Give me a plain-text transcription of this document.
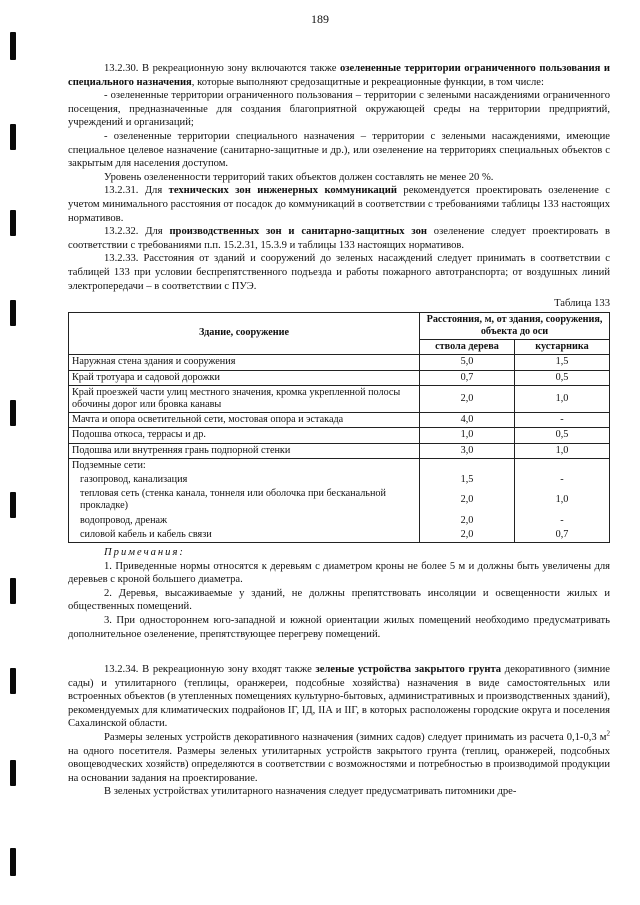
189

13.2.30. В рекреационную зону включаются также озелененные территории ограниченного пользования и специального назначения, которые выполняют средозащитные и рекреационные функции, в том числе:

- озелененные территории ограниченного пользования – территории с зелеными насаждениями ограниченного посещения, предназначенные для создания благоприятной окружающей среды на территории предприятий, учреждений и организаций;

- озелененные территории специального назначения – территории с зелеными насаждениями, имеющие специальное целевое назначение (санитарно-защитные и др.), или озеленение на территориях специальных объектов с закрытым для населения доступом.

Уровень озелененности территорий таких объектов должен составлять не менее 20 %.

13.2.31. Для технических зон инженерных коммуникаций рекомендуется проектировать озеленение с учетом минимального расстояния от посадок до коммуникаций в соответствии с требованиями таблицы 133 настоящих нормативов.

13.2.32. Для производственных зон и санитарно-защитных зон озеленение следует проектировать в соответствии с требованиями п.п. 15.2.31, 15.3.9 и таблицы 133 настоящих нормативов.

13.2.33. Расстояния от зданий и сооружений до зеленых насаждений следует принимать в соответствии с таблицей 133 при условии беспрепятственного подъезда и работы пожарного автотранспорта; от воздушных линий электропередачи – в соответствии с ПУЭ.

Таблица 133
Здание, сооружение	Расстояния, м, от здания, сооружения, объекта до оси	
	ствола дерева	кустарника
Наружная стена здания и сооружения	5,0	1,5
Край тротуара и садовой дорожки	0,7	0,5
Край проезжей части улиц местного значения, кромка укрепленной полосы обочины дорог или бровка канавы	2,0	1,0
Мачта и опора осветительной сети, мостовая опора и эстакада	4,0	-
Подошва откоса, террасы и др.	1,0	0,5
Подошва или внутренняя грань подпорной стенки	3,0	1,0
Подземные сети:		

газопровод, канализация	1,5	-

тепловая сеть (стенка канала, тоннеля или оболочка при бесканальной прокладке)	2,0	1,0

водопровод, дренаж	2,0	-

силовой кабель и кабель связи	2,0	0,7
Примечания:

1. Приведенные нормы относятся к деревьям с диаметром кроны не более 5 м и должны быть увеличены для деревьев с кроной большего диаметра.

2. Деревья, высаживаемые у зданий, не должны препятствовать инсоляции и освещенности жилых и общественных помещений.

3. При одностороннем юго-западной и южной ориентации жилых помещений необходимо предусматривать дополнительное озеленение, препятствующее перегреву помещений.

13.2.34. В рекреационную зону входят также зеленые устройства закрытого грунта декоративного (зимние сады) и утилитарного (теплицы, оранжереи, подсобные хозяйства) назначения в виде самостоятельных или встроенных объектов (в утепленных помещениях культурно-бытовых, административных и производственных зданий), рекомендуемых для климатических подрайонов IГ, IД, IIА и IIГ, в которых расположены городские округа и поселения Сахалинской области.

Размеры зеленых устройств декоративного назначения (зимних садов) следует принимать из расчета 0,1-0,3 $м^2$ на одного посетителя. Размеры зеленых утилитарных устройств закрытого грунта (теплиц, оранжерей, подсобных овощеводческих хозяйств) определяются в соответствии с возможностями и потребностью в производимой продукции на основании задания на проектирование.

В зеленых устройствах утилитарного назначения следует предусматривать питомники дре-
